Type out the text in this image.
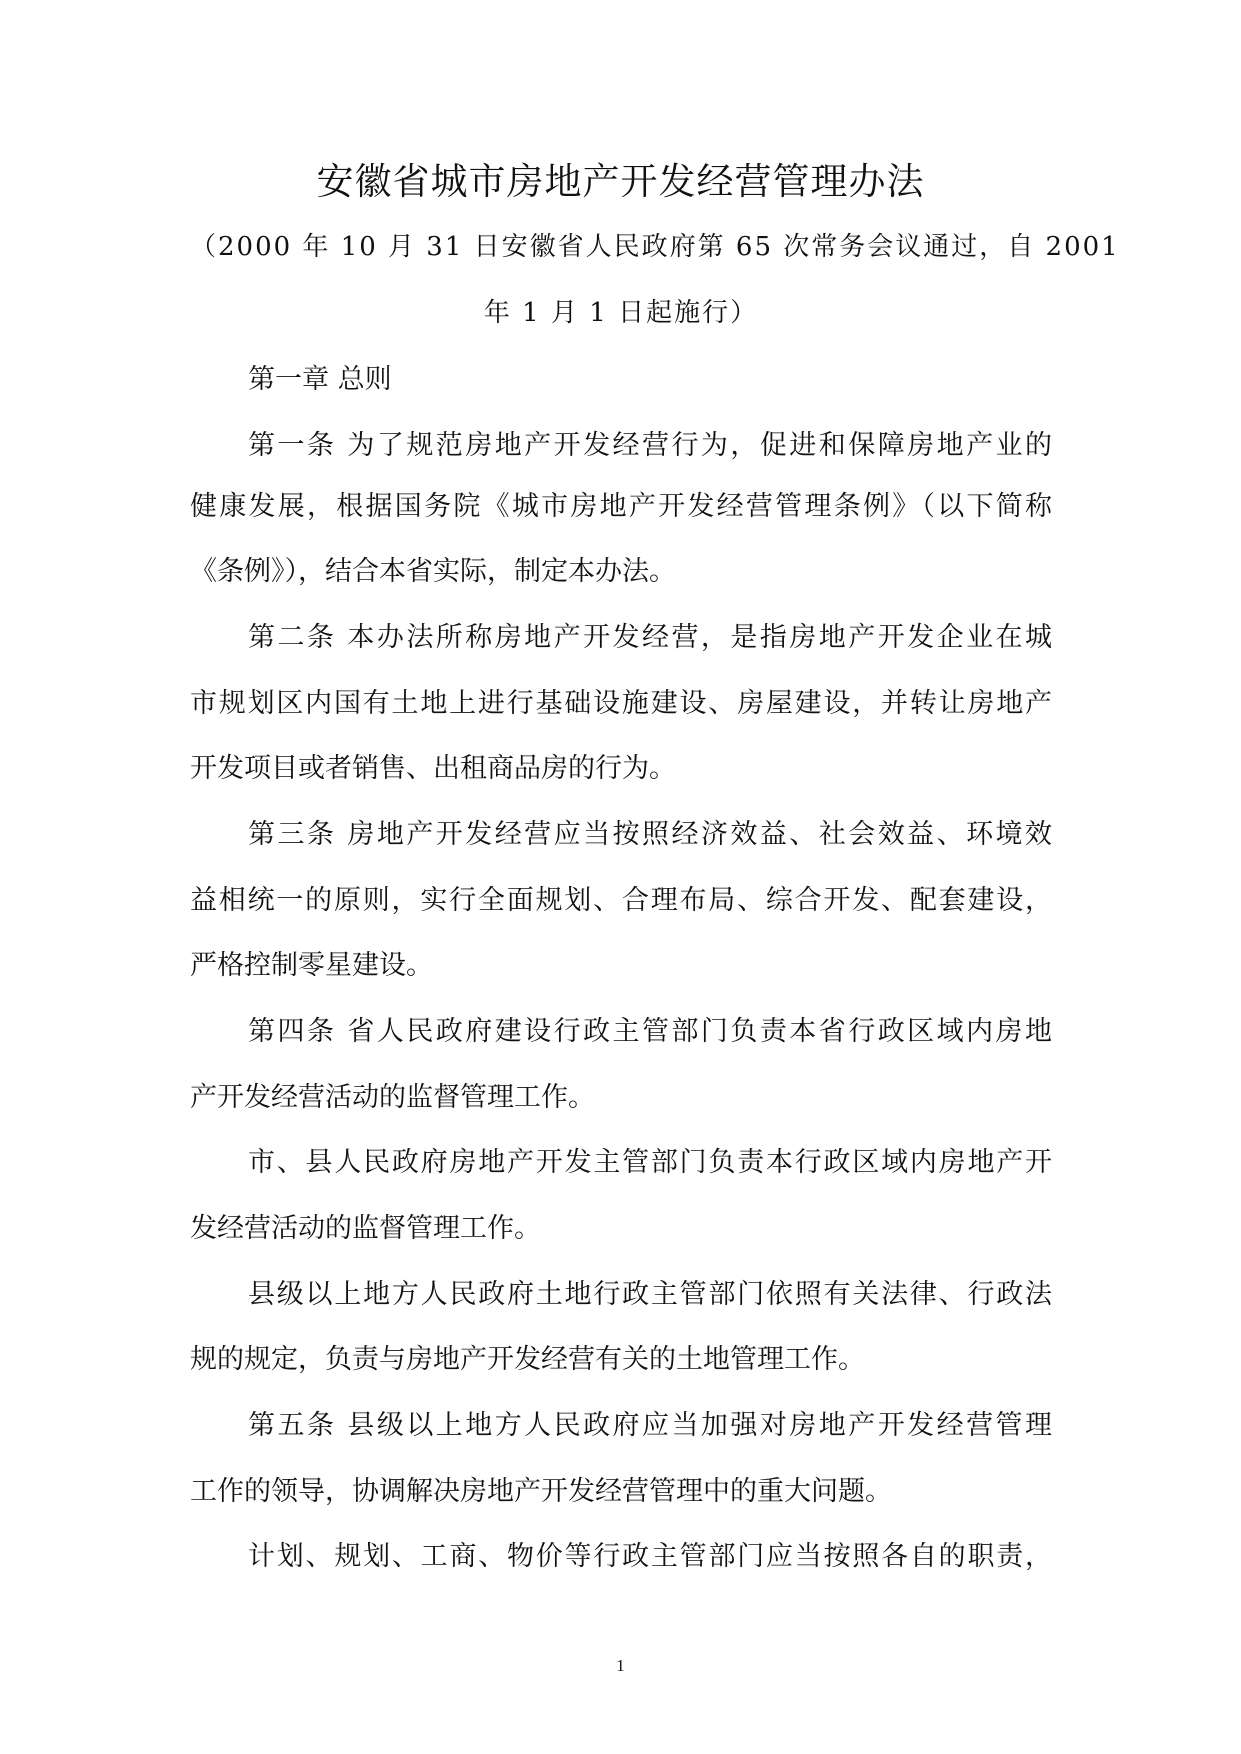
安徽省城市房地产开发经营管理办法
（2000 年 10 月 31 日安徽省人民政府第 65 次常务会议通过，自 2001
年 1 月 1 日起施行）
第一章 总则
第一条 为了规范房地产开发经营行为，促进和保障房地产业的
健康发展，根据国务院《城市房地产开发经营管理条例》（以下简称
《条例》），结合本省实际，制定本办法。
第二条 本办法所称房地产开发经营，是指房地产开发企业在城
市规划区内国有土地上进行基础设施建设、房屋建设，并转让房地产
开发项目或者销售、出租商品房的行为。
第三条 房地产开发经营应当按照经济效益、社会效益、环境效
益相统一的原则，实行全面规划、合理布局、综合开发、配套建设，
严格控制零星建设。
第四条 省人民政府建设行政主管部门负责本省行政区域内房地
产开发经营活动的监督管理工作。
市、县人民政府房地产开发主管部门负责本行政区域内房地产开
发经营活动的监督管理工作。
县级以上地方人民政府土地行政主管部门依照有关法律、行政法
规的规定，负责与房地产开发经营有关的土地管理工作。
第五条 县级以上地方人民政府应当加强对房地产开发经营管理
工作的领导，协调解决房地产开发经营管理中的重大问题。
计划、规划、工商、物价等行政主管部门应当按照各自的职责，
1
